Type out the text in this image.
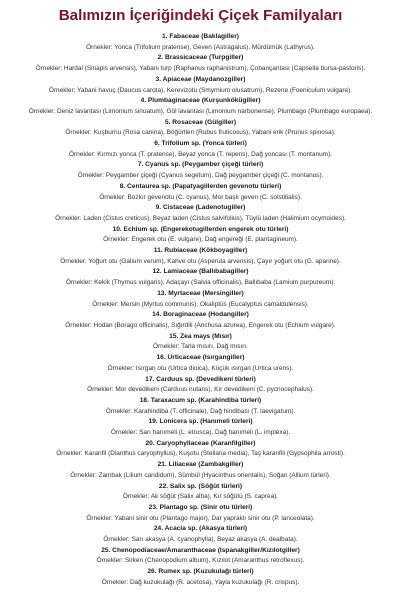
Balımızın İçeriğindeki Çiçek Familyaları
1. Fabaceae (Baklagiller)
Örnekler: Yonca (Trifolium pratense), Geven (Astragalus), Mürdümük (Lathyrus).
2. Brassicaceae (Turpgiller)
Örnekler: Hardal (Sinapis arvensis), Yabani turp (Raphanus raphanistrum), Çobançantası (Capsella bursa-pastoris).
3. Apiaceae (Maydanozgiller)
Örnekler: Yabani havuç (Daucus carota), Kerevizotu (Smyrnium olusatrum), Rezene (Foeniculum vulgare).
4. Plumbaginaceae (Kurşunkökügiller)
Örnekler: Deniz lavantası (Limonium sinuatum), Göl lavantası (Limonium narbonense), Plumbago (Plumbago europaea).
5. Rosaceae (Gülgiller)
Örnekler: Kuşburnu (Rosa canina), Böğürtlen (Rubus fruticosus), Yabani erik (Prunus spinosa).
6. Trifolium sp. (Yonca türleri)
Örnekler: Kırmızı yonca (T. pratense), Beyaz yonca (T. repens), Dağ yoncası (T. montanum).
7. Cyanus sp. (Peygamber çiçeği türleri)
Örnekler: Peygamber çiçeği (Cyanus segetum), Dağ peygamber çiçeği (C. montanus).
8. Centaurea sp. (Papatyagillerden gevenotu türleri)
Örnekler: Bozkır gevenotu (C. cyanus), Mor başlı geven (C. solstitialis).
9. Cistaceae (Ladenotugiller)
Örnekler: Laden (Cistus creticus), Beyaz laden (Cistus salvifolius), Tüylü laden (Halimium ocymoides).
10. Echium sp. (Engerekotugillerden engerek otu türleri)
Örnekler: Engerek otu (E. vulgare), Dağ engereği (E. plantagineum).
11. Rubiaceae (Kökboyagiller)
Örnekler: Yoğurt otu (Galium verum), Kahve otu (Asperula arvensis), Çayır yoğurt otu (G. aparine).
12. Lamiaceae (Ballıbabagiller)
Örnekler: Kekik (Thymus vulgaris), Adaçayı (Salvia officinalis), Ballıbaba (Lamium purpureum).
13. Myrtaceae (Mersingiller)
Örnekler: Mersin (Myrtus communis), Okaliptüs (Eucalyptus camaldulensis).
14. Boraginaceae (Hodangiller)
Örnekler: Hodan (Borago officinalis), Sığırdili (Anchusa azurea), Engerek otu (Echium vulgare).
15. Zea mays (Mısır)
Örnekler: Tarla mısırı, Dağ mısırı.
16. Urticaceae (Isırgangiller)
Örnekler: Isırgan otu (Urtica dioica), Küçük ısırgan (Urtica urens).
17. Carduus sp. (Devedikeni türleri)
Örnekler: Mor devedikeni (Carduus nutans), Kır devedikeni (C. pycnocephalus).
18. Taraxacum sp. (Karahindiba türleri)
Örnekler: Karahindiba (T. officinale), Dağ hindibası (T. laevigatum).
19. Lonicera sp. (Hanımeli türleri)
Örnekler: Sarı hanımeli (L. etrusca), Dağ hanımeli (L. implexa).
20. Caryophyllaceae (Karanfilgiller)
Örnekler: Karanfil (Dianthus caryophyllus), Kuşotu (Stellaria media), Taş karanfili (Gypsophila arrosti).
21. Liliaceae (Zambakgiller)
Örnekler: Zambak (Lilium candidum), Sümbül (Hyacinthus orientalis), Soğan (Allium türleri).
22. Salix sp. (Söğüt türleri)
Örnekler: Ak söğüt (Salix alba), Kır söğütü (S. caprea).
23. Plantago sp. (Sinir otu türleri)
Örnekler: Yabani sinir otu (Plantago major), Dar yapraklı sinir otu (P. lanceolata).
24. Acacia sp. (Akasya türleri)
Örnekler: Sarı akasya (A. cyanophylla), Beyaz akasya (A. dealbata).
25. Chenopodiaceae/Amaranthaceae (Ispanakgiller/Kızılotgiller)
Örnekler: Sirken (Chenopodium album), Kızılot (Amaranthus retroflexus).
26. Rumex sp. (Kuzukulağı türleri)
Örnekler: Dağ kuzukulağı (R. acetosa), Yayla kuzukulağı (R. crispus).
